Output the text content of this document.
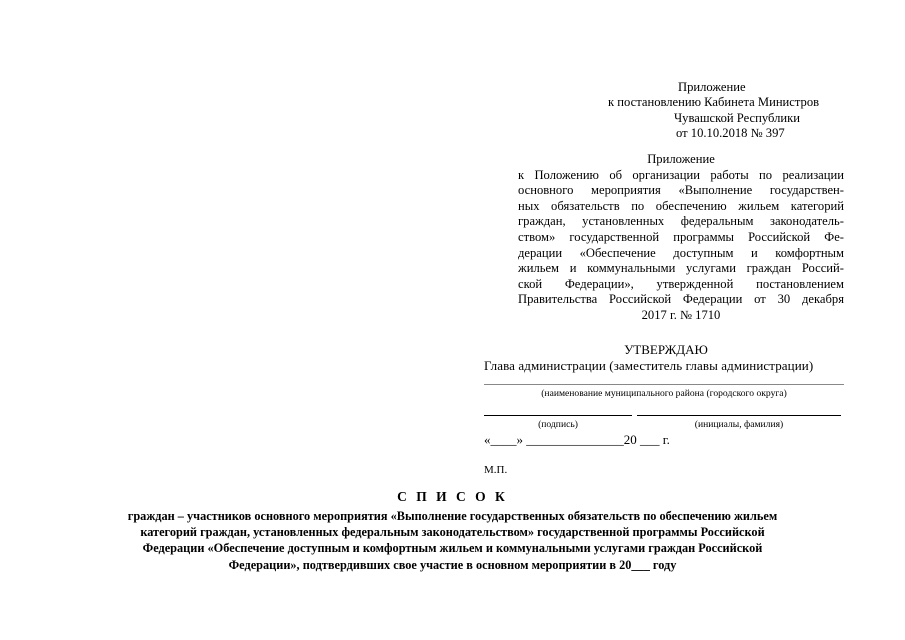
Приложение
к постановлению Кабинета Министров
Чувашской Республики
от 10.10.2018 № 397
Приложение
к Положению об организации работы по реализации
основного мероприятия «Выполнение государствен-
ных обязательств по обеспечению жильем категорий
граждан, установленных федеральным законодатель-
ством» государственной программы Российской Фе-
дерации «Обеспечение доступным и комфортным
жильем и коммунальными услугами граждан Россий-
ской Федерации», утвержденной постановлением
Правительства Российской Федерации от 30 декабря
2017 г. № 1710
УТВЕРЖДАЮ
Глава администрации (заместитель главы администрации)
(наименование муниципального района (городского округа)
(подпись)	(инициалы, фамилия)
«____» _______________20 ___ г.
М.П.
С П И С О К
граждан – участников основного мероприятия «Выполнение государственных обязательств по обеспечению жильем
категорий граждан, установленных федеральным законодательством» государственной программы Российской
Федерации «Обеспечение доступным и комфортным жильем и коммунальными услугами граждан Российской
Федерации», подтвердивших свое участие в основном мероприятии в 20___ году
